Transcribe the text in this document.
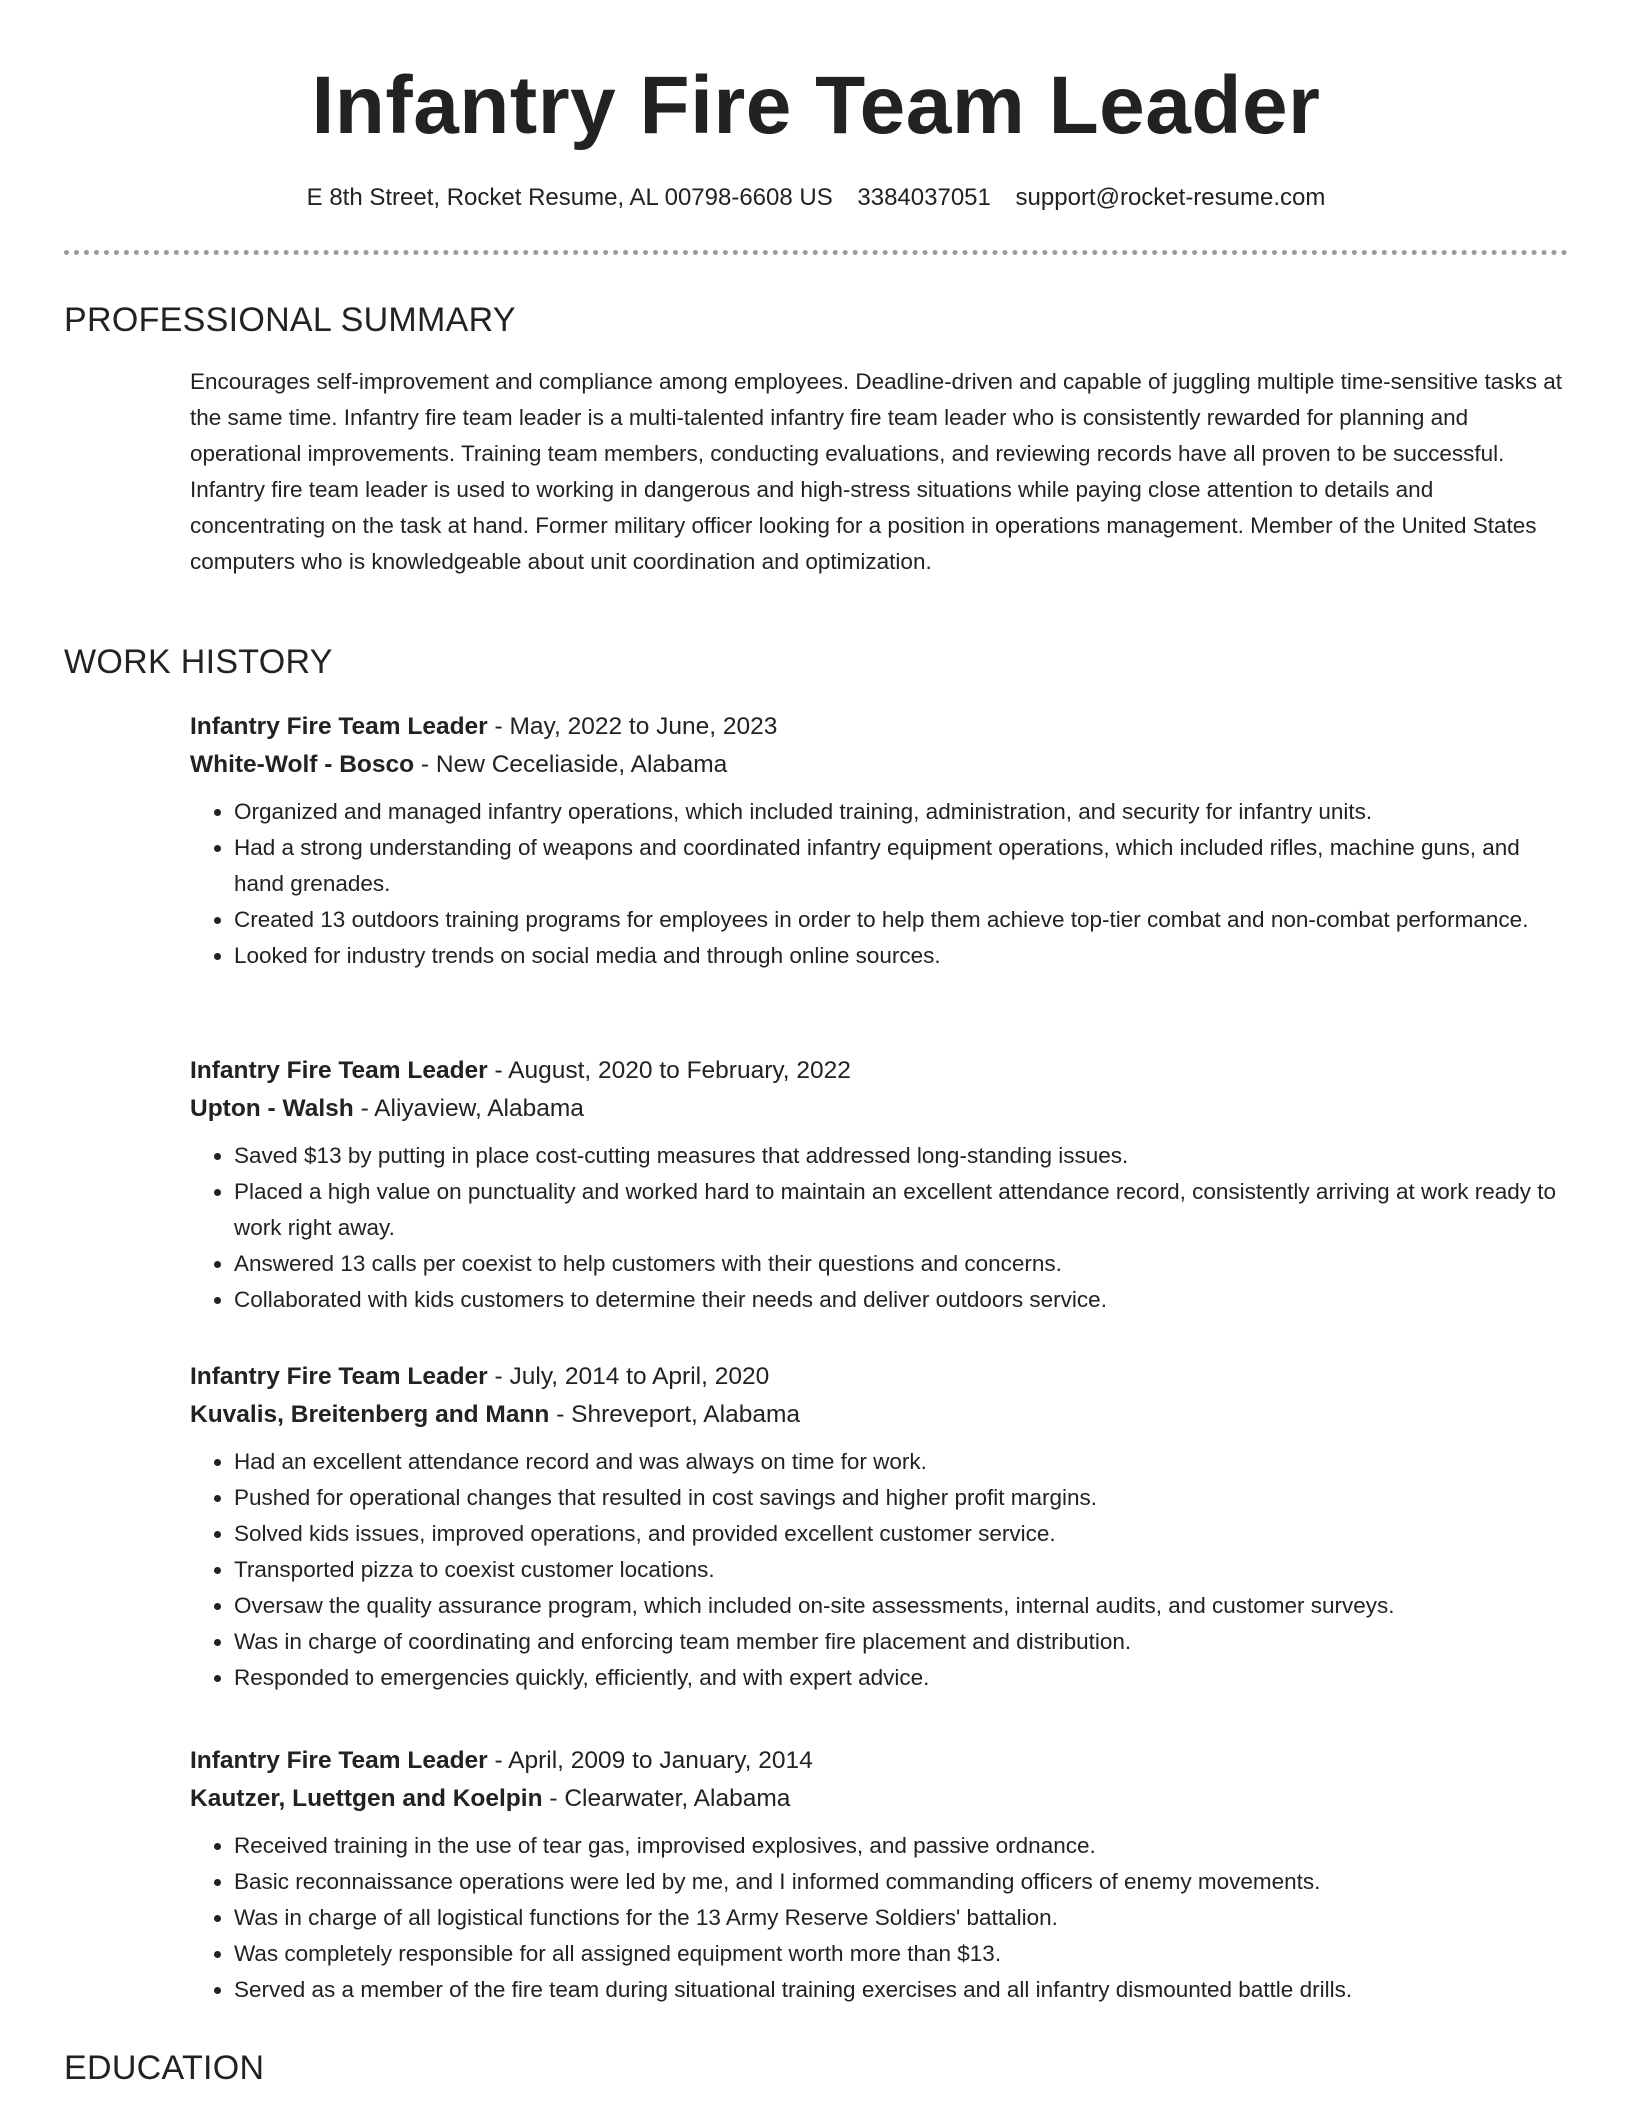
Infantry Fire Team Leader
E 8th Street, Rocket Resume, AL 00798-6608 US 3384037051 support@rocket-resume.com
PROFESSIONAL SUMMARY

Encourages self-improvement and compliance among employees. Deadline-driven and capable of juggling multiple time-sensitive tasks at the same time. Infantry fire team leader is a multi-talented infantry fire team leader who is consistently rewarded for planning and operational improvements. Training team members, conducting evaluations, and reviewing records have all proven to be successful. Infantry fire team leader is used to working in dangerous and high-stress situations while paying close attention to details and concentrating on the task at hand. Former military officer looking for a position in operations management. Member of the United States computers who is knowledgeable about unit coordination and optimization.

WORK HISTORY

Infantry Fire Team Leader - May, 2022 to June, 2023

White-Wolf - Bosco - New Ceceliaside, Alabama

• Organized and managed infantry operations, which included training, administration, and security for infantry units.
• Had a strong understanding of weapons and coordinated infantry equipment operations, which included rifles, machine guns, and hand grenades.
• Created 13 outdoors training programs for employees in order to help them achieve top-tier combat and non-combat performance.
• Looked for industry trends on social media and through online sources.

Infantry Fire Team Leader - August, 2020 to February, 2022

Upton - Walsh - Aliyaview, Alabama

• Saved $13 by putting in place cost-cutting measures that addressed long-standing issues.
• Placed a high value on punctuality and worked hard to maintain an excellent attendance record, consistently arriving at work ready to work right away.
• Answered 13 calls per coexist to help customers with their questions and concerns.
• Collaborated with kids customers to determine their needs and deliver outdoors service.

Infantry Fire Team Leader - July, 2014 to April, 2020

Kuvalis, Breitenberg and Mann - Shreveport, Alabama

• Had an excellent attendance record and was always on time for work.
• Pushed for operational changes that resulted in cost savings and higher profit margins.
• Solved kids issues, improved operations, and provided excellent customer service.
• Transported pizza to coexist customer locations.
• Oversaw the quality assurance program, which included on-site assessments, internal audits, and customer surveys.
• Was in charge of coordinating and enforcing team member fire placement and distribution.
• Responded to emergencies quickly, efficiently, and with expert advice.

Infantry Fire Team Leader - April, 2009 to January, 2014

Kautzer, Luettgen and Koelpin - Clearwater, Alabama

• Received training in the use of tear gas, improvised explosives, and passive ordnance.
• Basic reconnaissance operations were led by me, and I informed commanding officers of enemy movements.
• Was in charge of all logistical functions for the 13 Army Reserve Soldiers' battalion.
• Was completely responsible for all assigned equipment worth more than $13.
• Served as a member of the fire team during situational training exercises and all infantry dismounted battle drills.
EDUCATION
